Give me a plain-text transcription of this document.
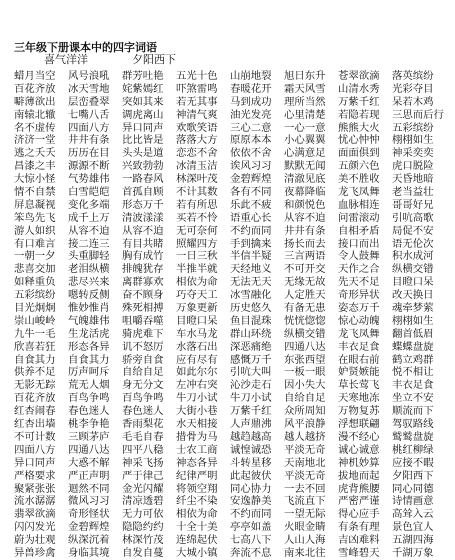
三年级下册课本中的四字词语
喜气洋洋	夕阳西下
蜡月当空
百花齐放
噼薄欲出
南辕北辙
名不虚传
济济一堂
逃之夭夭
昌漆之丰
大惊小怪
情不自禁
屏息凝视
笨鸟先飞
游人如织
有口难言
一朝一夕
悲喜交加
如释重负
五彩缤纷
目光炯炯
崇山峻岭
九牛一毛
欣喜若狂
自食其力
供养不足
无影无踪
百花齐放
红杏闹春
红杏出墙
不可计数
四面八方
异口同声
严格要求
聚紧张张
流水潺潺
翡翠欲滴
闪闪发光
蔚为壮观
异兽珍禽
风号浪吼
冰天雪地
层峦叠翠
七嘴八舌
四面八方
井井有条
历历在目
源源不断
气势雄伟
白雪皑皑
变化多端
成千上万
从容不迫
接二连三
头重脚轻
老泪纵横
悲尽兴来
嗯转反侧
惟妙惟肖
气魄雄伟
生龙活虎
形态各异
自食其力
厉声呵斥
荒无人烟
百鸟争鸣
春色迷人
桃李争艳
三顾茅庐
四通八达
大惑不解
严正声明
迴然不同
微风习习
奇形怪状
金碧辉煌
纵深沉着
身临其境
群芳吐艳
姹紫嫣红
突如其来
调虎离山
异口同声
比比皆是
头头是道
兴致勃勃
一路春风
首孤自顾
形态万千
清波漾漾
从容不迫
有目共睹
胸有成竹
排魄犹存
离群寡欢
奋不顾身
殊死相搏
咀嚼吞噬
骑虎难下
讥不怒厉
骄旁自食
自给自足
身无分文
百鸟争鸣
春色迷人
香雨梨花
毛毛自春
四平八稳
神采飞扬
严于律己
金光闪耀
清凉透碧
无力可依
隐隐约约
林深竹茂
自发自蔓
五光十色
吓煞雷鸣
若无其事
神清气爽
欢歌笑语
落落大方
恋恋不舍
冰清玉洁
林深叶茂
不计其数
若有所思
买若不怜
无可奈何
照耀四方
一日三秋
半推半就
相依为命
巧夺天工
万象更新
目瞪口呆
车水马龙
水落石出
应有尽有
如此尔尔
左冲右突
牛刀小试
大街小巷
水天相接
措骨为马
士农工商
神态各异
纪律严明
将领空翔
纤尘不染
相依为命
十全十美
连绵起伏
大城小镇
山崩地裂
春暖花开
马到成功
油光发亮
三心二意
原原本本
依依不舍
诶风习习
金碧辉煌
各有不同
乐此不疲
语重心长
不约而同
手到擒来
半信半疑
天经地义
无法无天
冰雪融化
历史悠久
鱼目混珠
群山环绕
深恶痛绝
感慨万千
引吭大叫
沁沙走石
牛刀小试
万紫千红
人声鼎沸
越趋越高
诚惶诚恐
斗转星移
此起彼伏
同心协力
安逸静美
不约而同
亭亭如盖
七高八下
奔流不息
旭日东升
霜天风雪
理所当然
心里清楚
一心一意
小心翼翼
心满意足
默默无闻
清澈见底
夜幕降临
和颜悦色
从容不迫
井井有条
扬长而去
三言两语
不可开交
无缘无故
人定胜天
有备无患
恍恍惚惚
纵横交错
四通八达
东张西望
一板一眼
因小失大
自给自足
众所周知
风平浪静
越人越挤
平淡无奇
天南地北
平淡无奇
一去不回
飞流直下
一望无际
火眼金睛
人山人海
南来北往
苍翠欲滴
山清水秀
万紫千红
若隐若现
熊熊大火
忧心忡忡
面面俱到
五颜六色
美不胜收
龙飞凤舞
血脉相连
问雷滚动
自相矛盾
接口而出
令人鼓舞
天作之合
先天不足
奇形异状
姿态万千
惊心动魄
龙飞凤舞
丰衣足食
在眼右前
妒贤嫉能
草长莺飞
天寒地冻
万物复苏
浮想联翩
漫不经心
诚心诚意
神机妙算
拔地而起
虎背熊腰
严密严谨
得心应手
有条有理
吉凶难料
雪峰碧天
落英缤纷
光彩夺目
呆若木鸡
三思而后行
五彩缤纷
栩栩如生
神采奕奕
虎口脱险
天昏地暗
老当益壮
哥哥好兄
引吭高歌
局促不安
语无伦次
积水成河
纵横交错
目瞪口呆
改天换日
魂牵梦萦
栩栩如生
翻首低眉
蝶蝶盘旋
鹤立鸡群
悦不相让
丰衣足食
坐立不安
顺流而下
驾驭路线
鹫鹫盘旋
桃红柳绿
应接不暇
夕阳西下
同心同德
诗情画意
高耸入云
景色宜人
五湖四海
千湖万象
